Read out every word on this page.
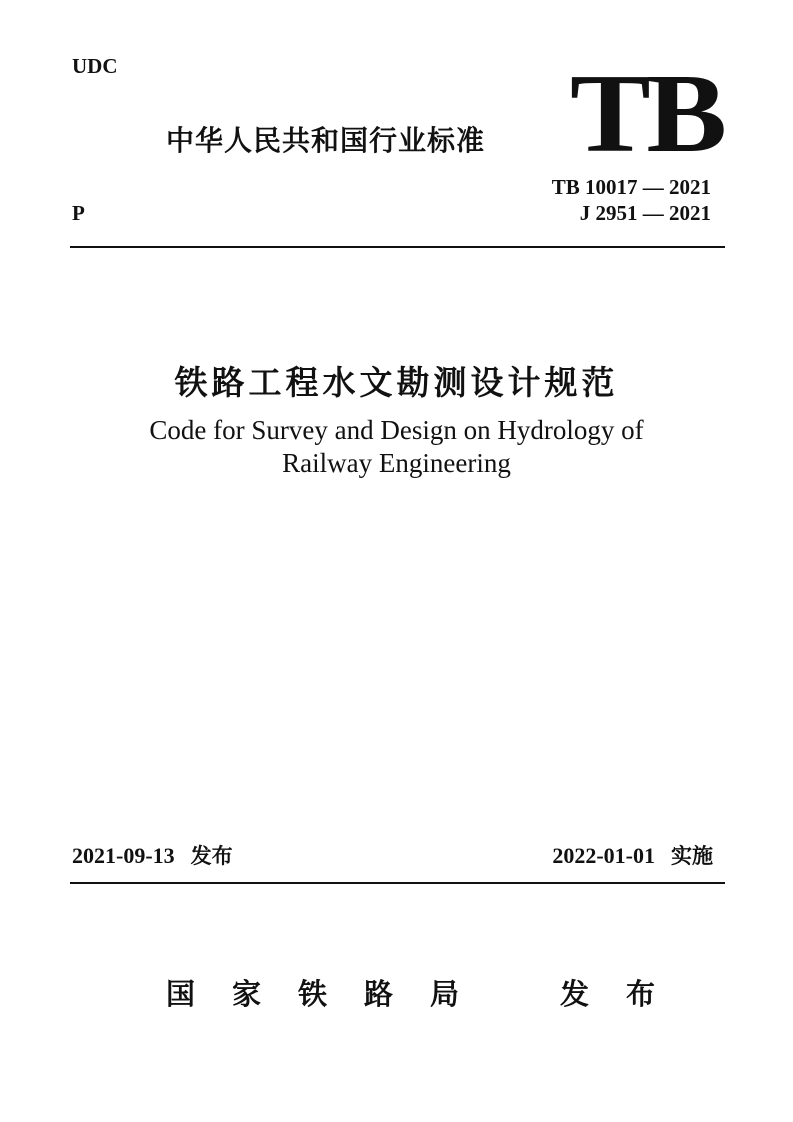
UDC	TB
中华人民共和国行业标准
TB 10017 — 2021
J 2951 — 2021
P
铁路工程水文勘测设计规范
Code for Survey and Design on Hydrology of
Railway Engineering
2021-09-13 发布	2022-01-01 实施
国家铁路局 发布
